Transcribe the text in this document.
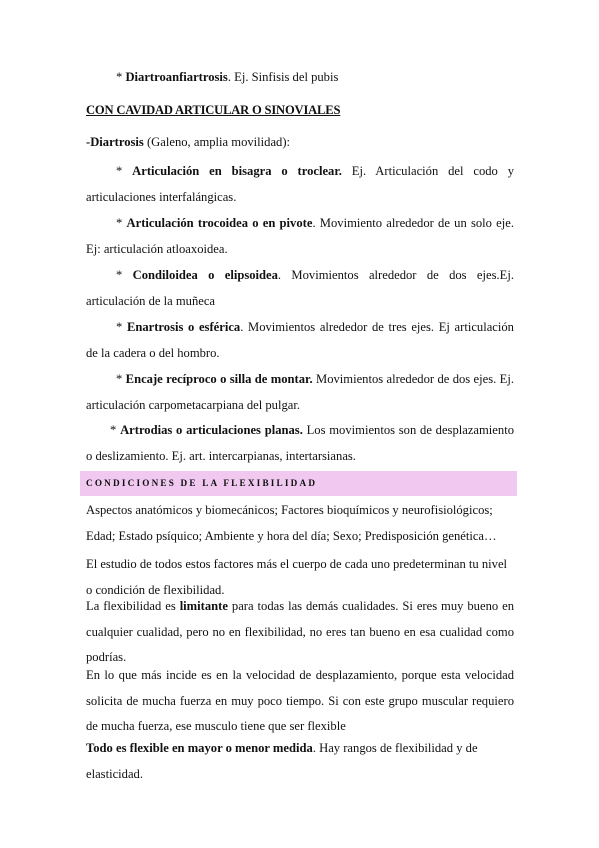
* Diartroanfiartrosis. Ej. Sinfisis del pubis

CON CAVIDAD ARTICULAR O SINOVIALES

-Diartrosis (Galeno, amplia movilidad):

* Articulación en bisagra o troclear. Ej. Articulación del codo y articulaciones interfalángicas.

* Articulación trocoidea o en pivote. Movimiento alrededor de un solo eje. Ej: articulación atloaxoidea.

* Condiloidea o elipsoidea. Movimientos alrededor de dos ejes.Ej. articulación de la muñeca

* Enartrosis o esférica. Movimientos alrededor de tres ejes. Ej articulación de la cadera o del hombro.

* Encaje recíproco o silla de montar. Movimientos alrededor de dos ejes. Ej. articulación carpometacarpiana del pulgar.

* Artrodias o articulaciones planas. Los movimientos son de desplazamiento o deslizamiento. Ej. art. intercarpianas, intertarsianas.

CONDICIONES DE LA FLEXIBILIDAD

Aspectos anatómicos y biomecánicos; Factores bioquímicos y neurofisiológicos; Edad; Estado psíquico; Ambiente y hora del día; Sexo; Predisposición genética…

El estudio de todos estos factores más el cuerpo de cada uno predeterminan tu nivel o condición de flexibilidad.

La flexibilidad es limitante para todas las demás cualidades. Si eres muy bueno en cualquier cualidad, pero no en flexibilidad, no eres tan bueno en esa cualidad como podrías.

En lo que más incide es en la velocidad de desplazamiento, porque esta velocidad solicita de mucha fuerza en muy poco tiempo. Si con este grupo muscular requiero de mucha fuerza, ese musculo tiene que ser flexible

Todo es flexible en mayor o menor medida. Hay rangos de flexibilidad y de elasticidad.
